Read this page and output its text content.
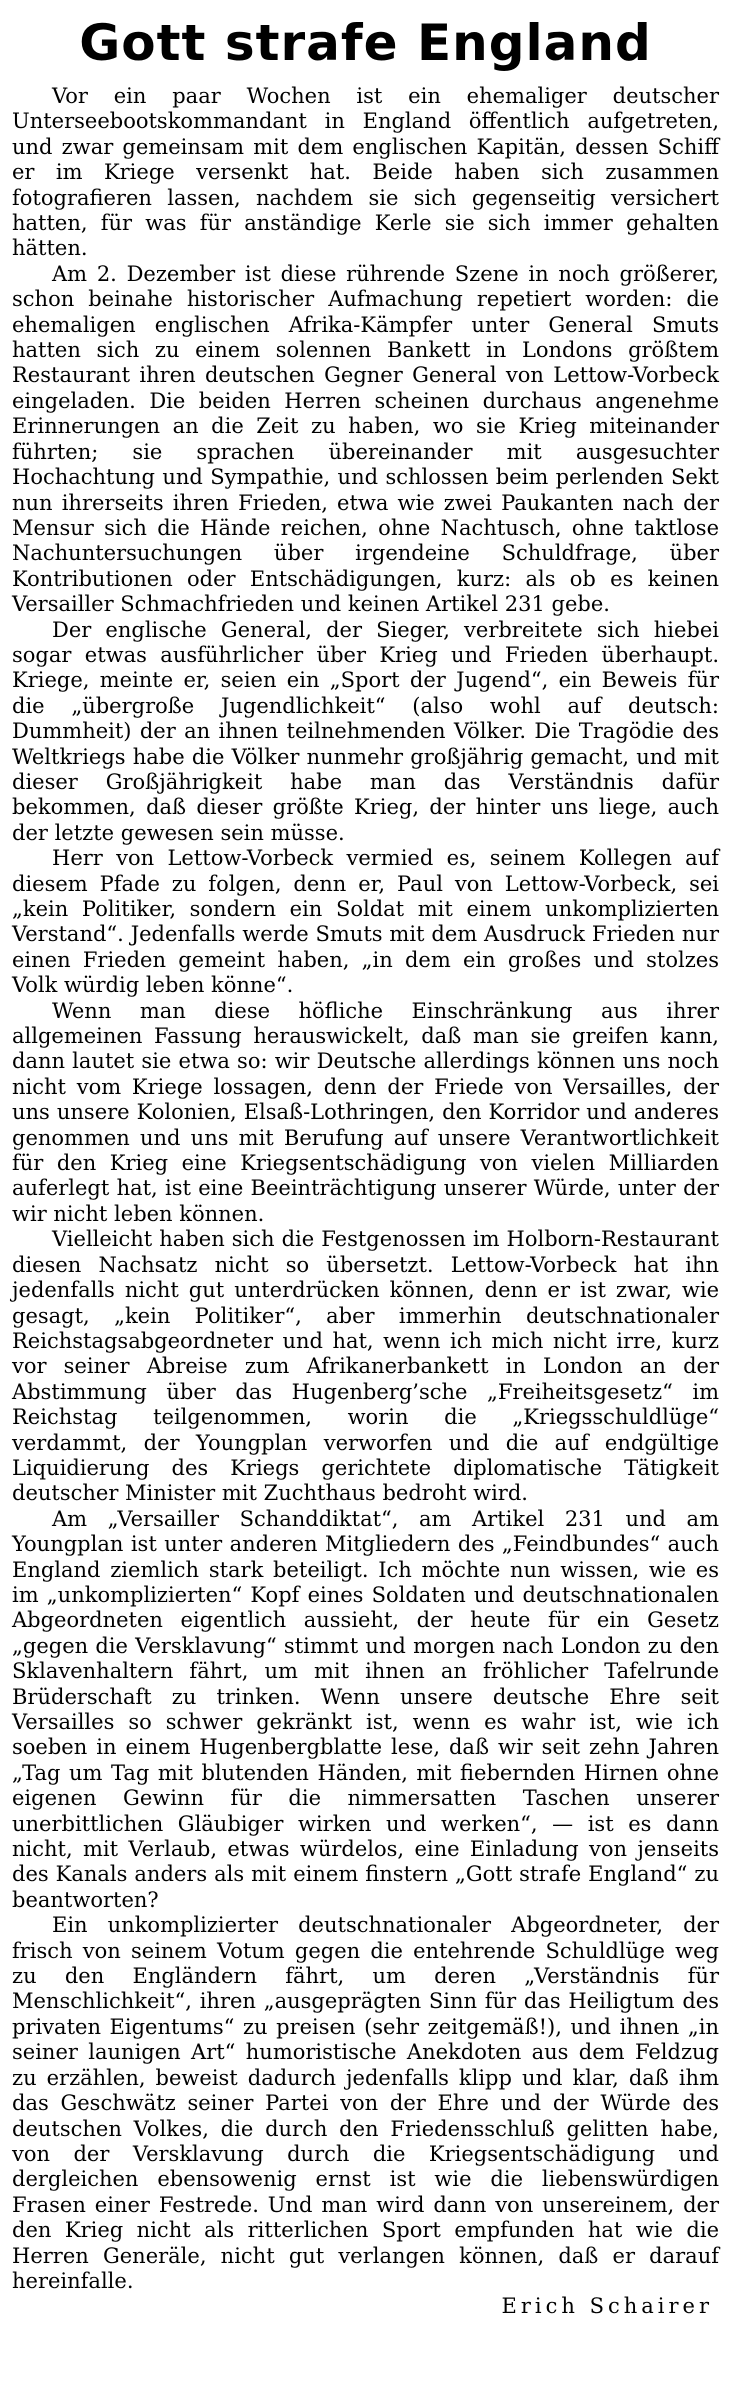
Gott strafe England

Vor ein paar Wochen ist ein ehemaliger deutscher Unterseebootskommandant in England öffentlich aufgetreten, und zwar gemeinsam mit dem englischen Kapitän, dessen Schiff er im Kriege versenkt hat. Beide haben sich zusammen fotografieren lassen, nachdem sie sich gegenseitig versichert hatten, für was für anständige Kerle sie sich immer gehalten hätten.

Am 2. Dezember ist diese rührende Szene in noch größerer, schon beinahe historischer Aufmachung repetiert worden: die ehemaligen englischen Afrika-Kämpfer unter General Smuts hatten sich zu einem solennen Bankett in Londons größtem Restaurant ihren deutschen Gegner General von Lettow-Vorbeck eingeladen. Die beiden Herren scheinen durchaus angenehme Erinnerungen an die Zeit zu haben, wo sie Krieg miteinander führten; sie sprachen übereinander mit ausgesuchter Hochachtung und Sympathie, und schlossen beim perlenden Sekt nun ihrerseits ihren Frieden, etwa wie zwei Paukanten nach der Mensur sich die Hände reichen, ohne Nachtusch, ohne taktlose Nachuntersuchungen über irgendeine Schuldfrage, über Kontributionen oder Entschädigungen, kurz: als ob es keinen Versailler Schmachfrieden und keinen Artikel 231 gebe.

Der englische General, der Sieger, verbreitete sich hiebei sogar etwas ausführlicher über Krieg und Frieden überhaupt. Kriege, meinte er, seien ein „Sport der Jugend“, ein Beweis für die „übergroße Jugendlichkeit“ (also wohl auf deutsch: Dummheit) der an ihnen teilnehmenden Völker. Die Tragödie des Weltkriegs habe die Völker nunmehr großjährig gemacht, und mit dieser Großjährigkeit habe man das Verständnis dafür bekommen, daß dieser größte Krieg, der hinter uns liege, auch der letzte gewesen sein müsse.

Herr von Lettow-Vorbeck vermied es, seinem Kollegen auf diesem Pfade zu folgen, denn er, Paul von Lettow-Vorbeck, sei „kein Politiker, sondern ein Soldat mit einem unkomplizierten Verstand“. Jedenfalls werde Smuts mit dem Ausdruck Frieden nur einen Frieden gemeint haben, „in dem ein großes und stolzes Volk würdig leben könne“.

Wenn man diese höfliche Einschränkung aus ihrer allgemeinen Fassung herauswickelt, daß man sie greifen kann, dann lautet sie etwa so: wir Deutsche allerdings können uns noch nicht vom Kriege lossagen, denn der Friede von Versailles, der uns unsere Kolonien, Elsaß-Lothringen, den Korridor und anderes genommen und uns mit Berufung auf unsere Verantwortlichkeit für den Krieg eine Kriegsentschädigung von vielen Milliarden auferlegt hat, ist eine Beeinträchtigung unserer Würde, unter der wir nicht leben können.

Vielleicht haben sich die Festgenossen im Holborn-Restaurant diesen Nachsatz nicht so übersetzt. Lettow-Vorbeck hat ihn jedenfalls nicht gut unterdrücken können, denn er ist zwar, wie gesagt, „kein Politiker“, aber immerhin deutschnationaler Reichstagsabgeordneter und hat, wenn ich mich nicht irre, kurz vor seiner Abreise zum Afrikanerbankett in London an der Abstimmung über das Hugenberg’sche „Freiheitsgesetz“ im Reichstag teilgenommen, worin die „Kriegsschuldlüge“ verdammt, der Youngplan verworfen und die auf endgültige Liquidierung des Kriegs gerichtete diplomatische Tätigkeit deutscher Minister mit Zuchthaus bedroht wird.

Am „Versailler Schanddiktat“, am Artikel 231 und am Youngplan ist unter anderen Mitgliedern des „Feindbundes“ auch England ziemlich stark beteiligt. Ich möchte nun wissen, wie es im „unkomplizierten“ Kopf eines Soldaten und deutschnationalen Abgeordneten eigentlich aussieht, der heute für ein Gesetz „gegen die Versklavung“ stimmt und morgen nach London zu den Sklavenhaltern fährt, um mit ihnen an fröhlicher Tafelrunde Brüderschaft zu trinken. Wenn unsere deutsche Ehre seit Versailles so schwer gekränkt ist, wenn es wahr ist, wie ich soeben in einem Hugenbergblatte lese, daß wir seit zehn Jahren „Tag um Tag mit blutenden Händen, mit fiebernden Hirnen ohne eigenen Gewinn für die nimmersatten Taschen unserer unerbittlichen Gläubiger wirken und werken“, — ist es dann nicht, mit Verlaub, etwas würdelos, eine Einladung von jenseits des Kanals anders als mit einem finstern „Gott strafe England“ zu beantworten?

Ein unkomplizierter deutschnationaler Abgeordneter, der frisch von seinem Votum gegen die entehrende Schuldlüge weg zu den Engländern fährt, um deren „Verständnis für Menschlichkeit“, ihren „ausgeprägten Sinn für das Heiligtum des privaten Eigentums“ zu preisen (sehr zeitgemäß!), und ihnen „in seiner launigen Art“ humoristische Anekdoten aus dem Feldzug zu erzählen, beweist dadurch jedenfalls klipp und klar, daß ihm das Geschwätz seiner Partei von der Ehre und der Würde des deutschen Volkes, die durch den Friedensschluß gelitten habe, von der Versklavung durch die Kriegsentschädigung und dergleichen ebensowenig ernst ist wie die liebenswürdigen Frasen einer Festrede. Und man wird dann von unsereinem, der den Krieg nicht als ritterlichen Sport empfunden hat wie die Herren Generäle, nicht gut verlangen können, daß er darauf hereinfalle.

Erich Schairer
